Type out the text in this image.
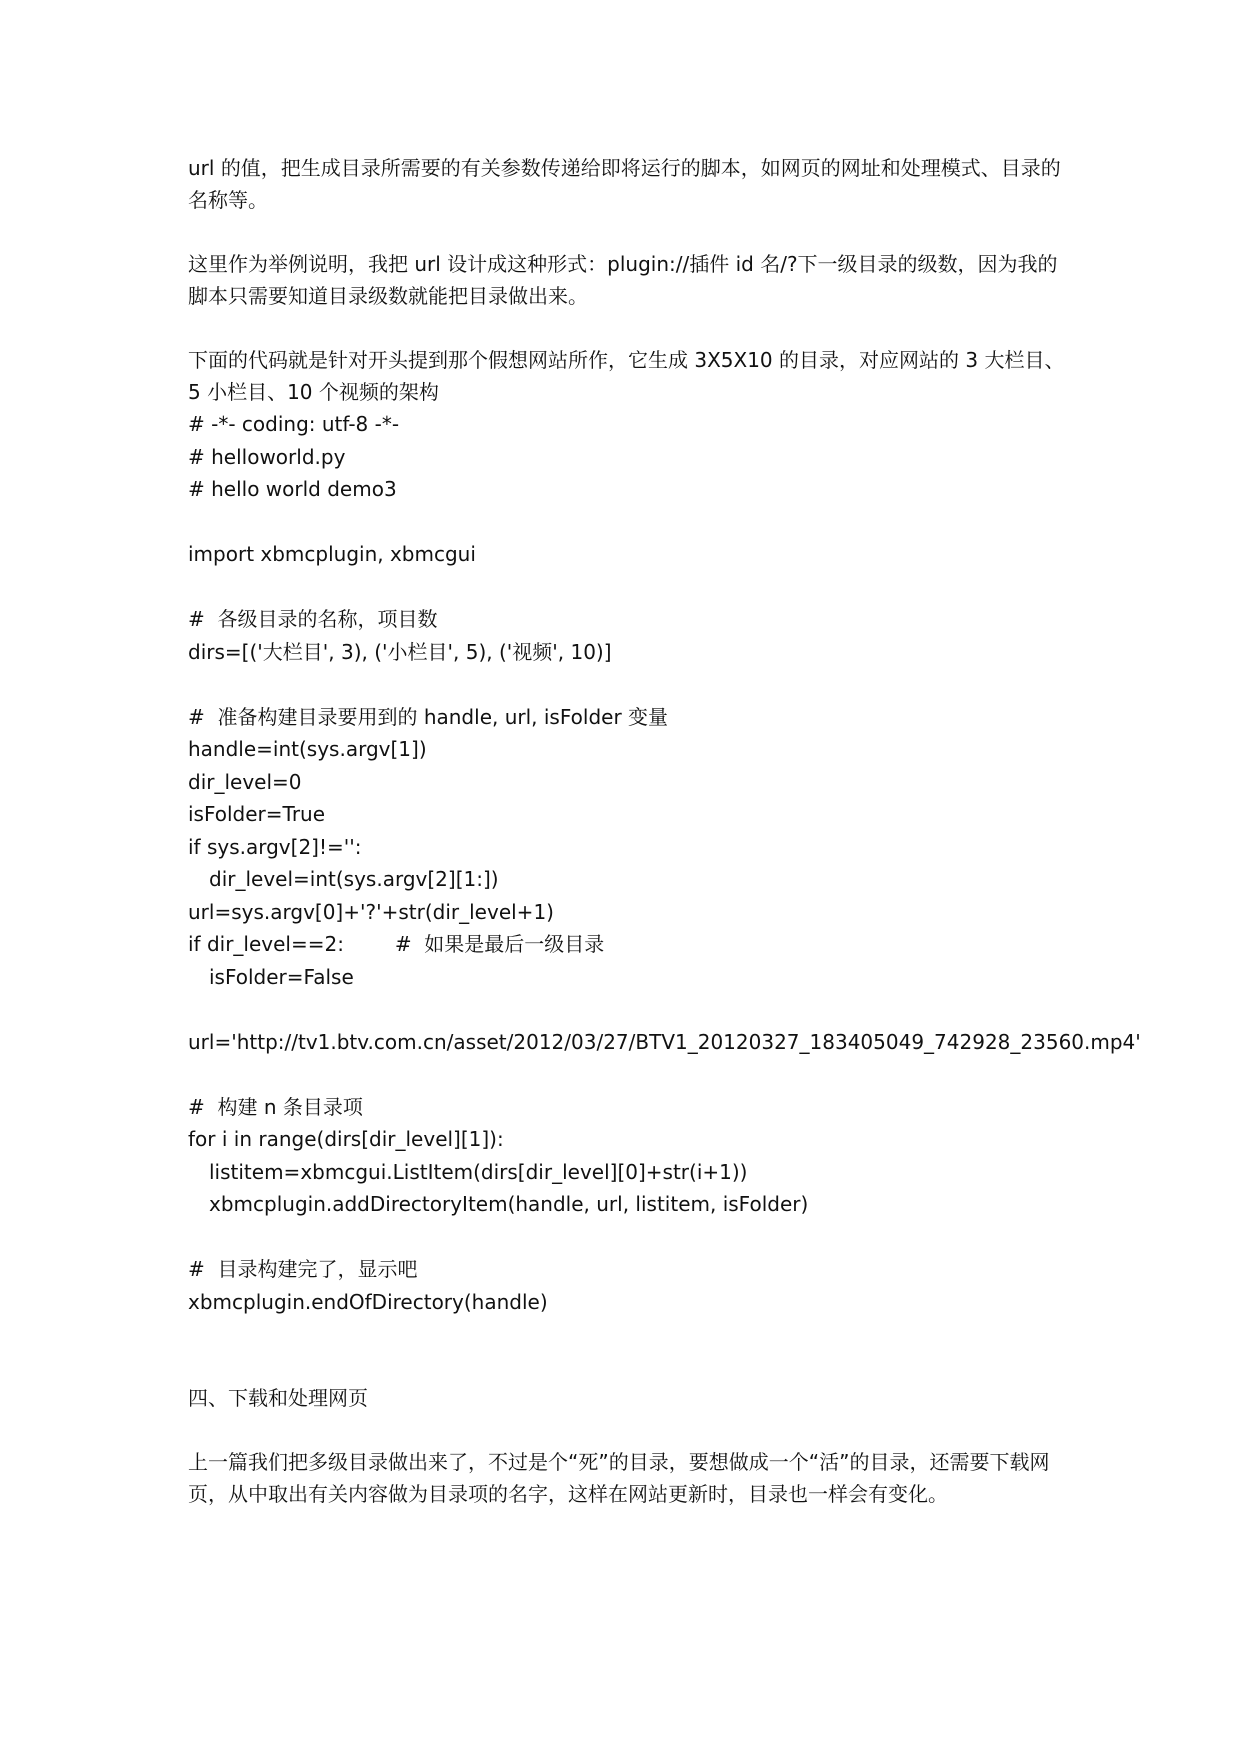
url 的值，把生成目录所需要的有关参数传递给即将运行的脚本，如网页的网址和处理模式、目录的名称等。

这里作为举例说明，我把 url 设计成这种形式：plugin://插件 id 名/?下一级目录的级数，因为我的脚本只需要知道目录级数就能把目录做出来。

下面的代码就是针对开头提到那个假想网站所作，它生成 3X5X10 的目录，对应网站的 3 大栏目、5 小栏目、10 个视频的架构

# -*- coding: utf-8 -*-

# helloworld.py

# hello world demo3

import xbmcplugin, xbmcgui

#  各级目录的名称，项目数

dirs=[('大栏目', 3), ('小栏目', 5), ('视频', 10)]

#  准备构建目录要用到的 handle, url, isFolder 变量

handle=int(sys.argv[1])

dir_level=0

isFolder=True

if sys.argv[2]!='':

dir_level=int(sys.argv[2][1:])

url=sys.argv[0]+'?'+str(dir_level+1)

if dir_level==2:        #  如果是最后一级目录

isFolder=False

url='http://tv1.btv.com.cn/asset/2012/03/27/BTV1_20120327_183405049_742928_23560.mp4'

#  构建 n 条目录项

for i in range(dirs[dir_level][1]):

listitem=xbmcgui.ListItem(dirs[dir_level][0]+str(i+1))

xbmcplugin.addDirectoryItem(handle, url, listitem, isFolder)

#  目录构建完了，显示吧

xbmcplugin.endOfDirectory(handle)

四、下载和处理网页

上一篇我们把多级目录做出来了，不过是个“死”的目录，要想做成一个“活”的目录，还需要下载网页，从中取出有关内容做为目录项的名字，这样在网站更新时，目录也一样会有变化。
